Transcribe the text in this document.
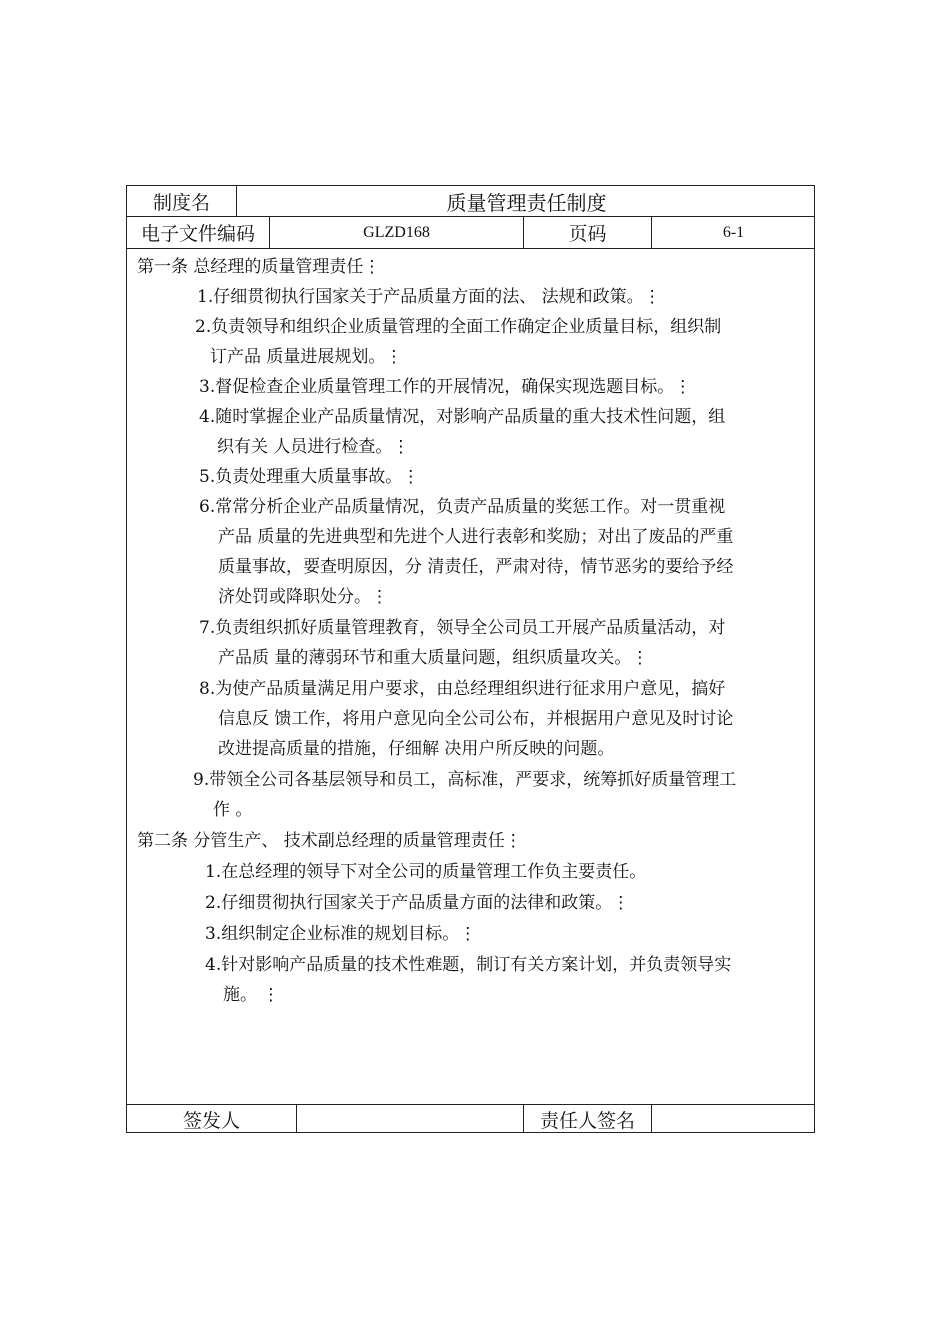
制度名	质量管理责任制度
电子文件编码	GLZD168	页码	6-1
第一条 总经理的质量管理责任⋮
1.仔细贯彻执行国家关于产品质量方面的法、 法规和政策。⋮
2.负责领导和组织企业质量管理的全面工作确定企业质量目标，组织制
订产品 质量进展规划。⋮
3.督促检查企业质量管理工作的开展情况，确保实现选题目标。⋮
4.随时掌握企业产品质量情况，对影响产品质量的重大技术性问题，组
织有关 人员进行检查。⋮
5.负责处理重大质量事故。⋮
6.常常分析企业产品质量情况，负责产品质量的奖惩工作。对一贯重视
产品 质量的先进典型和先进个人进行表彰和奖励；对出了废品的严重
质量事故，要查明原因，分 清责任，严肃对待，情节恶劣的要给予经
济处罚或降职处分。⋮
7.负责组织抓好质量管理教育，领导全公司员工开展产品质量活动，对
产品质 量的薄弱环节和重大质量问题，组织质量攻关。⋮
8.为使产品质量满足用户要求，由总经理组织进行征求用户意见，搞好
信息反 馈工作，将用户意见向全公司公布，并根据用户意见及时讨论
改进提高质量的措施，仔细解 决用户所反映的问题。
9.带领全公司各基层领导和员工，高标准，严要求，统筹抓好质量管理工
作 。
第二条 分管生产、 技术副总经理的质量管理责任⋮
1.在总经理的领导下对全公司的质量管理工作负主要责任。
2.仔细贯彻执行国家关于产品质量方面的法律和政策。⋮
3.组织制定企业标准的规划目标。⋮
4.针对影响产品质量的技术性难题，制订有关方案计划，并负责领导实
施。 ⋮
签发人	责任人签名
